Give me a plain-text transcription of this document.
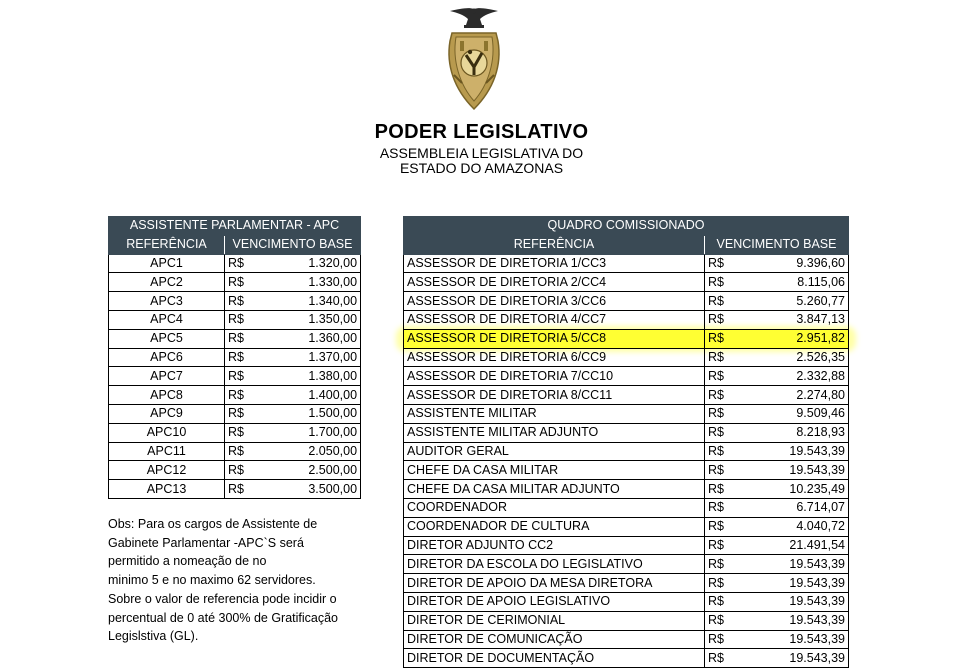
PODER LEGISLATIVO
ASSEMBLEIA LEGISLATIVA DO
ESTADO DO AMAZONAS
ASSISTENTE PARLAMENTAR - APC		
REFERÊNCIA	VENCIMENTO BASE	
APC1	R$	1.320,00
APC2	R$	1.330,00
APC3	R$	1.340,00
APC4	R$	1.350,00
APC5	R$	1.360,00
APC6	R$	1.370,00
APC7	R$	1.380,00
APC8	R$	1.400,00
APC9	R$	1.500,00
APC10	R$	1.700,00
APC11	R$	2.050,00
APC12	R$	2.500,00
APC13	R$	3.500,00
Obs: Para os cargos de Assistente de
Gabinete Parlamentar -APC`S será
permitido a nomeação de no
minimo 5 e no maximo 62 servidores.
Sobre o valor de referencia pode incidir o
percentual de 0 até 300% de Gratificação
Legislstiva (GL).
QUADRO COMISSIONADO		
REFERÊNCIA	VENCIMENTO BASE	
ASSESSOR DE DIRETORIA 1/CC3	R$	9.396,60
ASSESSOR DE DIRETORIA 2/CC4	R$	8.115,06
ASSESSOR DE DIRETORIA 3/CC6	R$	5.260,77
ASSESSOR DE DIRETORIA 4/CC7	R$	3.847,13
ASSESSOR DE DIRETORIA 5/CC8	R$	2.951,82
ASSESSOR DE DIRETORIA 6/CC9	R$	2.526,35
ASSESSOR DE DIRETORIA 7/CC10	R$	2.332,88
ASSESSOR DE DIRETORIA 8/CC11	R$	2.274,80
ASSISTENTE MILITAR	R$	9.509,46
ASSISTENTE MILITAR ADJUNTO	R$	8.218,93
AUDITOR GERAL	R$	19.543,39
CHEFE DA CASA MILITAR	R$	19.543,39
CHEFE DA CASA MILITAR ADJUNTO	R$	10.235,49
COORDENADOR	R$	6.714,07
COORDENADOR DE CULTURA	R$	4.040,72
DIRETOR ADJUNTO CC2	R$	21.491,54
DIRETOR DA ESCOLA DO LEGISLATIVO	R$	19.543,39
DIRETOR DE APOIO DA MESA DIRETORA	R$	19.543,39
DIRETOR DE APOIO LEGISLATIVO	R$	19.543,39
DIRETOR DE CERIMONIAL	R$	19.543,39
DIRETOR DE COMUNICAÇÃO	R$	19.543,39
DIRETOR DE DOCUMENTAÇÃO	R$	19.543,39
